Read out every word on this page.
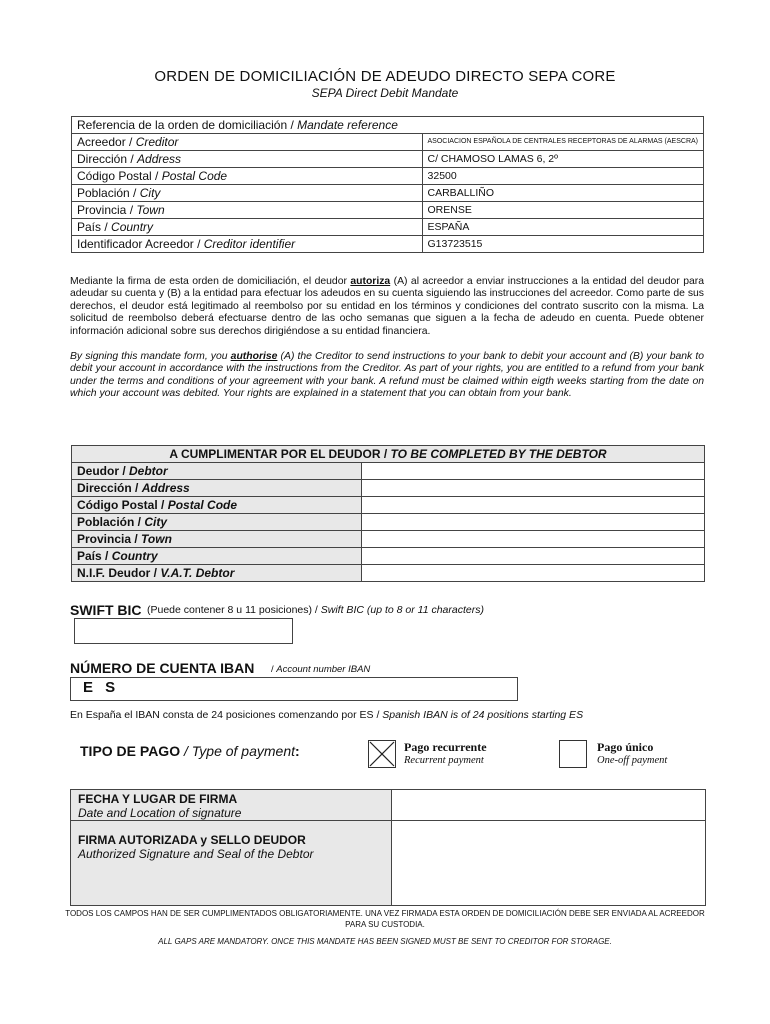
ORDEN DE DOMICILIACIÓN DE ADEUDO DIRECTO SEPA CORE
SEPA Direct Debit Mandate
Referencia de la orden de domiciliación / Mandate reference	
Acreedor / Creditor	ASOCIACION ESPAÑOLA DE CENTRALES RECEPTORAS DE ALARMAS (AESCRA)
Dirección / Address	C/ CHAMOSO LAMAS 6, 2º
Código Postal / Postal Code	32500
Población / City	CARBALLIÑO
Provincia / Town	ORENSE
País / Country	ESPAÑA
Identificador Acreedor / Creditor identifier	G13723515
Mediante la firma de esta orden de domiciliación, el deudor autoriza (A) al acreedor a enviar instrucciones a la entidad del deudor para adeudar su cuenta y (B) a la entidad para efectuar los adeudos en su cuenta siguiendo las instrucciones del acreedor. Como parte de sus derechos, el deudor está legitimado al reembolso por su entidad en los términos y condiciones del contrato suscrito con la misma. La solicitud de reembolso deberá efectuarse dentro de las ocho semanas que siguen a la fecha de adeudo en cuenta. Puede obtener información adicional sobre sus derechos dirigiéndose a su entidad financiera.
By signing this mandate form, you authorise (A) the Creditor to send instructions to your bank to debit your account and (B) your bank to debit your account in accordance with the instructions from the Creditor. As part of your rights, you are entitled to a refund from your bank under the terms and conditions of your agreement with your bank. A refund must be claimed within eigth weeks starting from the date on which your account was debited. Your rights are explained in a statement that you can obtain from your bank.
A CUMPLIMENTAR POR EL DEUDOR / TO BE COMPLETED BY THE DEBTOR	
Deudor / Debtor	
Dirección / Address	
Código Postal / Postal Code	
Población / City	
Provincia / Town	
País / Country	
N.I.F. Deudor / V.A.T. Debtor	
SWIFT BIC (Puede contener 8 u 11 posiciones) / Swift BIC (up to 8 or 11 characters)
NÚMERO DE CUENTA IBAN / Account number IBAN
E S
En España el IBAN consta de 24 posiciones comenzando por ES / Spanish IBAN is of 24 positions starting ES
TIPO DE PAGO / Type of payment:	Pago recurrente
Recurrent payment
Pago único
One-off payment
FECHA Y LUGAR DE FIRMA
Date and Location of signature	

FIRMA AUTORIZADA y SELLO DEUDOR
Authorized Signature and Seal of the Debtor	

TODOS LOS CAMPOS HAN DE SER CUMPLIMENTADOS OBLIGATORIAMENTE. UNA VEZ FIRMADA ESTA ORDEN DE DOMICILIACIÓN DEBE SER ENVIADA AL ACREEDOR PARA SU CUSTODIA.
ALL GAPS ARE MANDATORY. ONCE THIS MANDATE HAS BEEN SIGNED MUST BE SENT TO CREDITOR FOR STORAGE.
